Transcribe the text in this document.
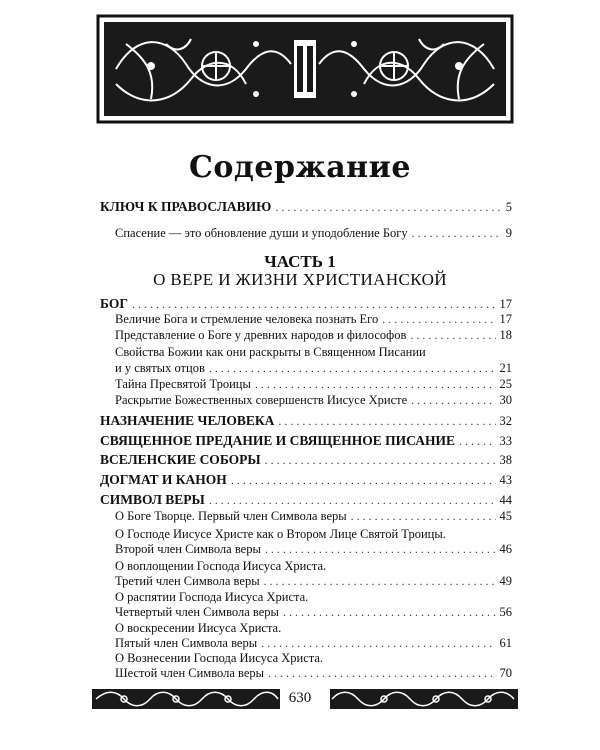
Содержание
КЛЮЧ К ПРАВОСЛАВИЮ . . .	5
Спасение — это обновление души и уподобление Богу . . .	9
ЧАСТЬ 1
О ВЕРЕ И ЖИЗНИ ХРИСТИАНСКОЙ
БОГ . . .	17
Величие Бога и стремление человека познать Его . . .	17
Представление о Боге у древних народов и философов . . .	18
Свойства Божии как они раскрыты в Священном Писании
и у святых отцов . . .	21
Тайна Пресвятой Троицы . . .	25
Раскрытие Божественных совершенств Иисусе Христе . . .	30
НАЗНАЧЕНИЕ ЧЕЛОВЕКА . . .	32
СВЯЩЕННОЕ ПРЕДАНИЕ И СВЯЩЕННОЕ ПИСАНИЕ . . .	33
ВСЕЛЕНСКИЕ СОБОРЫ . . .	38
ДОГМАТ И КАНОН . . .	43
СИМВОЛ ВЕРЫ . . .	44
О Боге Творце. Первый член Символа веры . . .	45
О Господе Иисусе Христе как о Втором Лице Святой Троицы.
Второй член Символа веры . . .	46
О воплощении Господа Иисуса Христа.
Третий член Символа веры . . .	49
О распятии Господа Иисуса Христа.
Четвертый член Символа веры . . .	56
О воскресении Иисуса Христа.
Пятый член Символа веры . . .	61
О Вознесении Господа Иисуса Христа.
Шестой член Символа веры . . .	70
630
